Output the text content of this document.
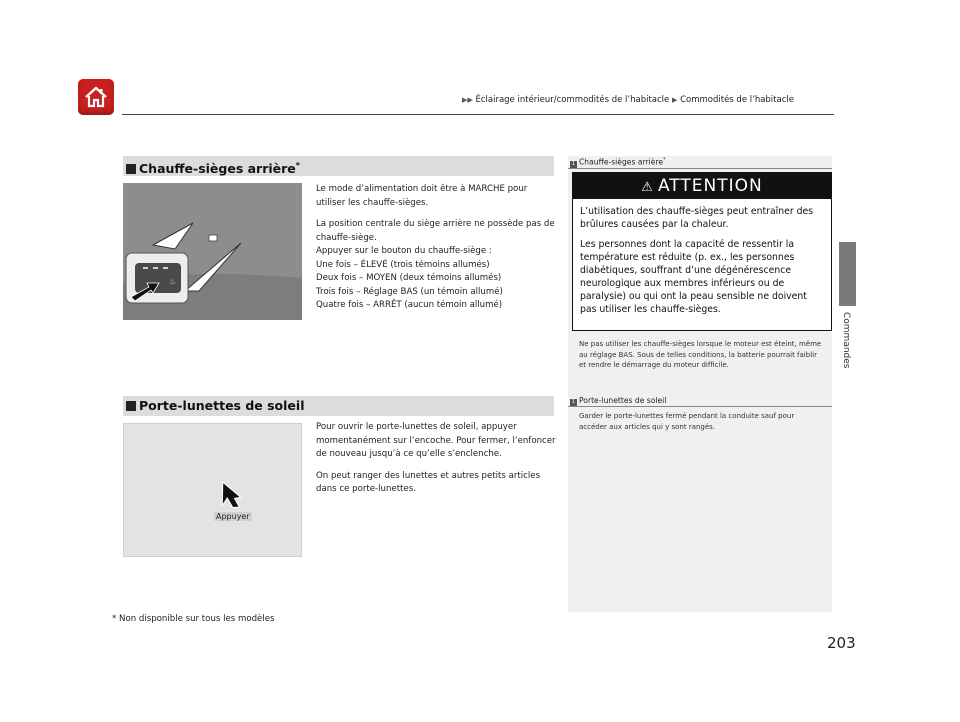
▶▶ Éclairage intérieur/commodités de l’habitacle ▶ Commodités de l’habitacle
Commandes
Chauffe-sièges arrière*
♨

Le mode d’alimentation doit être à MARCHE pour utiliser les chauffe-sièges.

La position centrale du siège arrière ne possède pas de chauffe-siège.
Appuyer sur le bouton du chauffe-siège :
Une fois – ÉLEVÉ (trois témoins allumés)
Deux fois – MOYEN (deux témoins allumés)
Trois fois – Réglage BAS (un témoin allumé)
Quatre fois – ARRÊT (aucun témoin allumé)

1 Chauffe-sièges arrière*
⚠ ATTENTION

L’utilisation des chauffe-sièges peut entraîner des brûlures causées par la chaleur.

Les personnes dont la capacité de ressentir la température est réduite (p. ex., les personnes diabétiques, souffrant d’une dégénérescence neurologique aux membres inférieurs ou de paralysie) ou qui ont la peau sensible ne doivent pas utiliser les chauffe-sièges.

Ne pas utiliser les chauffe-sièges lorsque le moteur est éteint, même au réglage BAS. Sous de telles conditions, la batterie pourrait faiblir et rendre le démarrage du moteur difficile.
Porte-lunettes de soleil
Appuyer

Pour ouvrir le porte-lunettes de soleil, appuyer momentanément sur l’encoche. Pour fermer, l’enfoncer de nouveau jusqu’à ce qu’elle s’enclenche.

On peut ranger des lunettes et autres petits articles dans ce porte-lunettes.

1 Porte-lunettes de soleil
Garder le porte-lunettes fermé pendant la conduite sauf pour accéder aux articles qui y sont rangés.
* Non disponible sur tous les modèles
203
